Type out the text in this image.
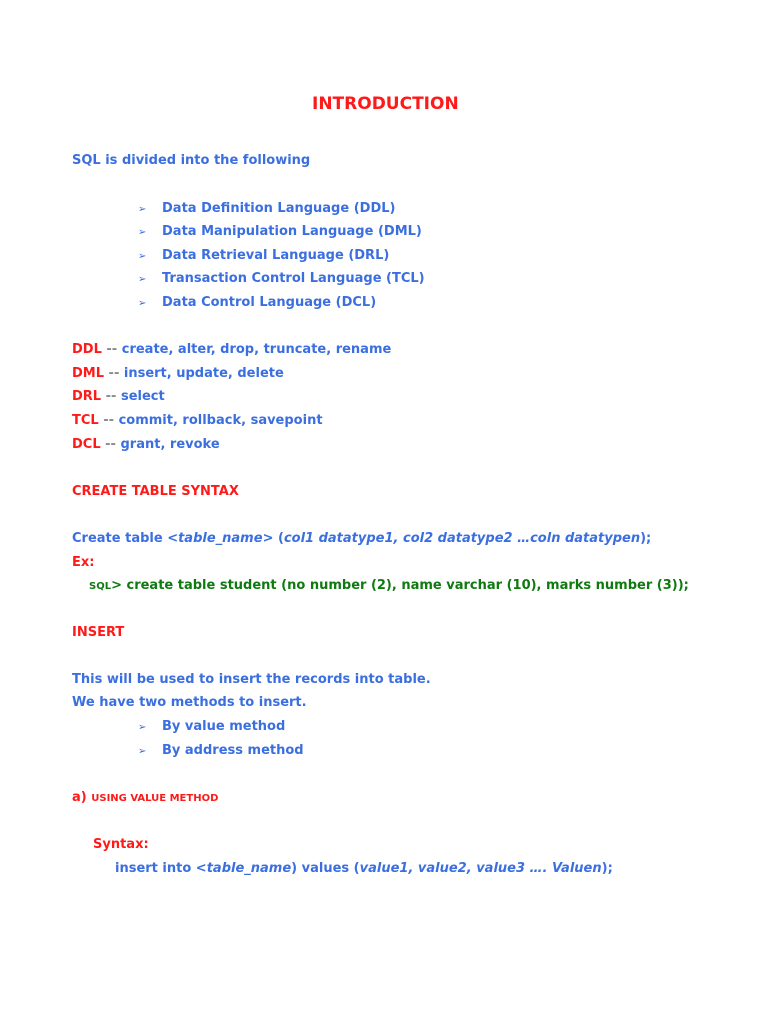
INTRODUCTION
SQL is divided into the following
➢ Data Definition Language (DDL)
➢ Data Manipulation Language (DML)
➢ Data Retrieval Language (DRL)
➢ Transaction Control Language (TCL)
➢ Data Control Language (DCL)
DDL -- create, alter, drop, truncate, rename
DML -- insert, update, delete
DRL -- select
TCL -- commit, rollback, savepoint
DCL -- grant, revoke
CREATE TABLE SYNTAX
Create table <table_name> (col1 datatype1, col2 datatype2 …coln datatypen);
Ex:
SQL> create table student (no number (2), name varchar (10), marks number (3));
INSERT
This will be used to insert the records into table.
We have two methods to insert.
➢ By value method
➢ By address method
a) USING VALUE METHOD
Syntax:
insert into <table_name) values (value1, value2, value3 …. Valuen);
